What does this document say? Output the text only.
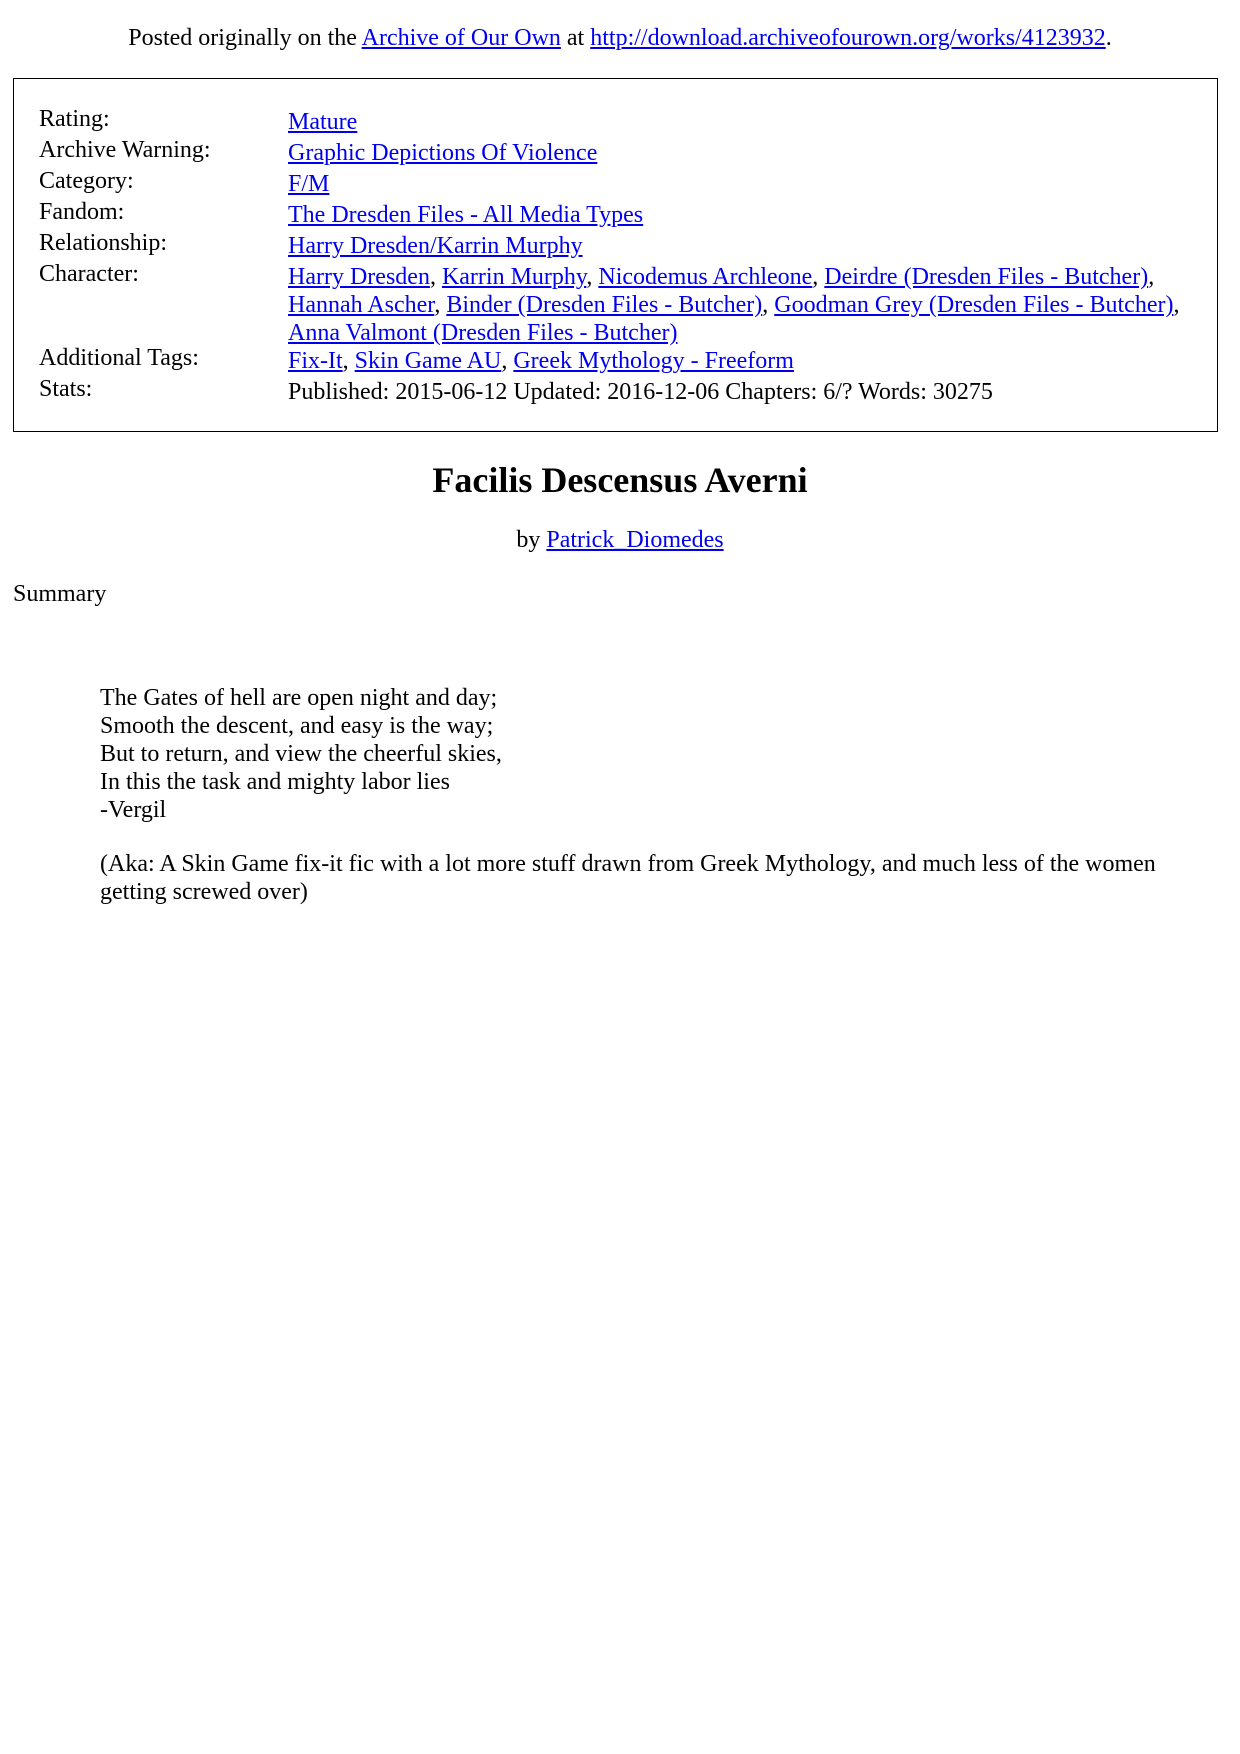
Posted originally on the Archive of Our Own at http://download.archiveofourown.org/works/4123932.
Rating:	Mature
Archive Warning:	Graphic Depictions Of Violence
Category:	F/M
Fandom:	The Dresden Files - All Media Types
Relationship:	Harry Dresden/Karrin Murphy
Character:	Harry Dresden, Karrin Murphy, Nicodemus Archleone, Deirdre (Dresden Files - Butcher), Hannah Ascher, Binder (Dresden Files - Butcher), Goodman Grey (Dresden Files - Butcher), Anna Valmont (Dresden Files - Butcher)
Additional Tags:	Fix-It, Skin Game AU, Greek Mythology - Freeform
Stats:	Published: 2015-06-12 Updated: 2016-12-06 Chapters: 6/? Words: 30275
Facilis Descensus Averni
by Patrick_Diomedes
Summary
The Gates of hell are open night and day;
Smooth the descent, and easy is the way;
But to return, and view the cheerful skies,
In this the task and mighty labor lies
-Vergil
(Aka: A Skin Game fix-it fic with a lot more stuff drawn from Greek Mythology, and much less of the women getting screwed over)
